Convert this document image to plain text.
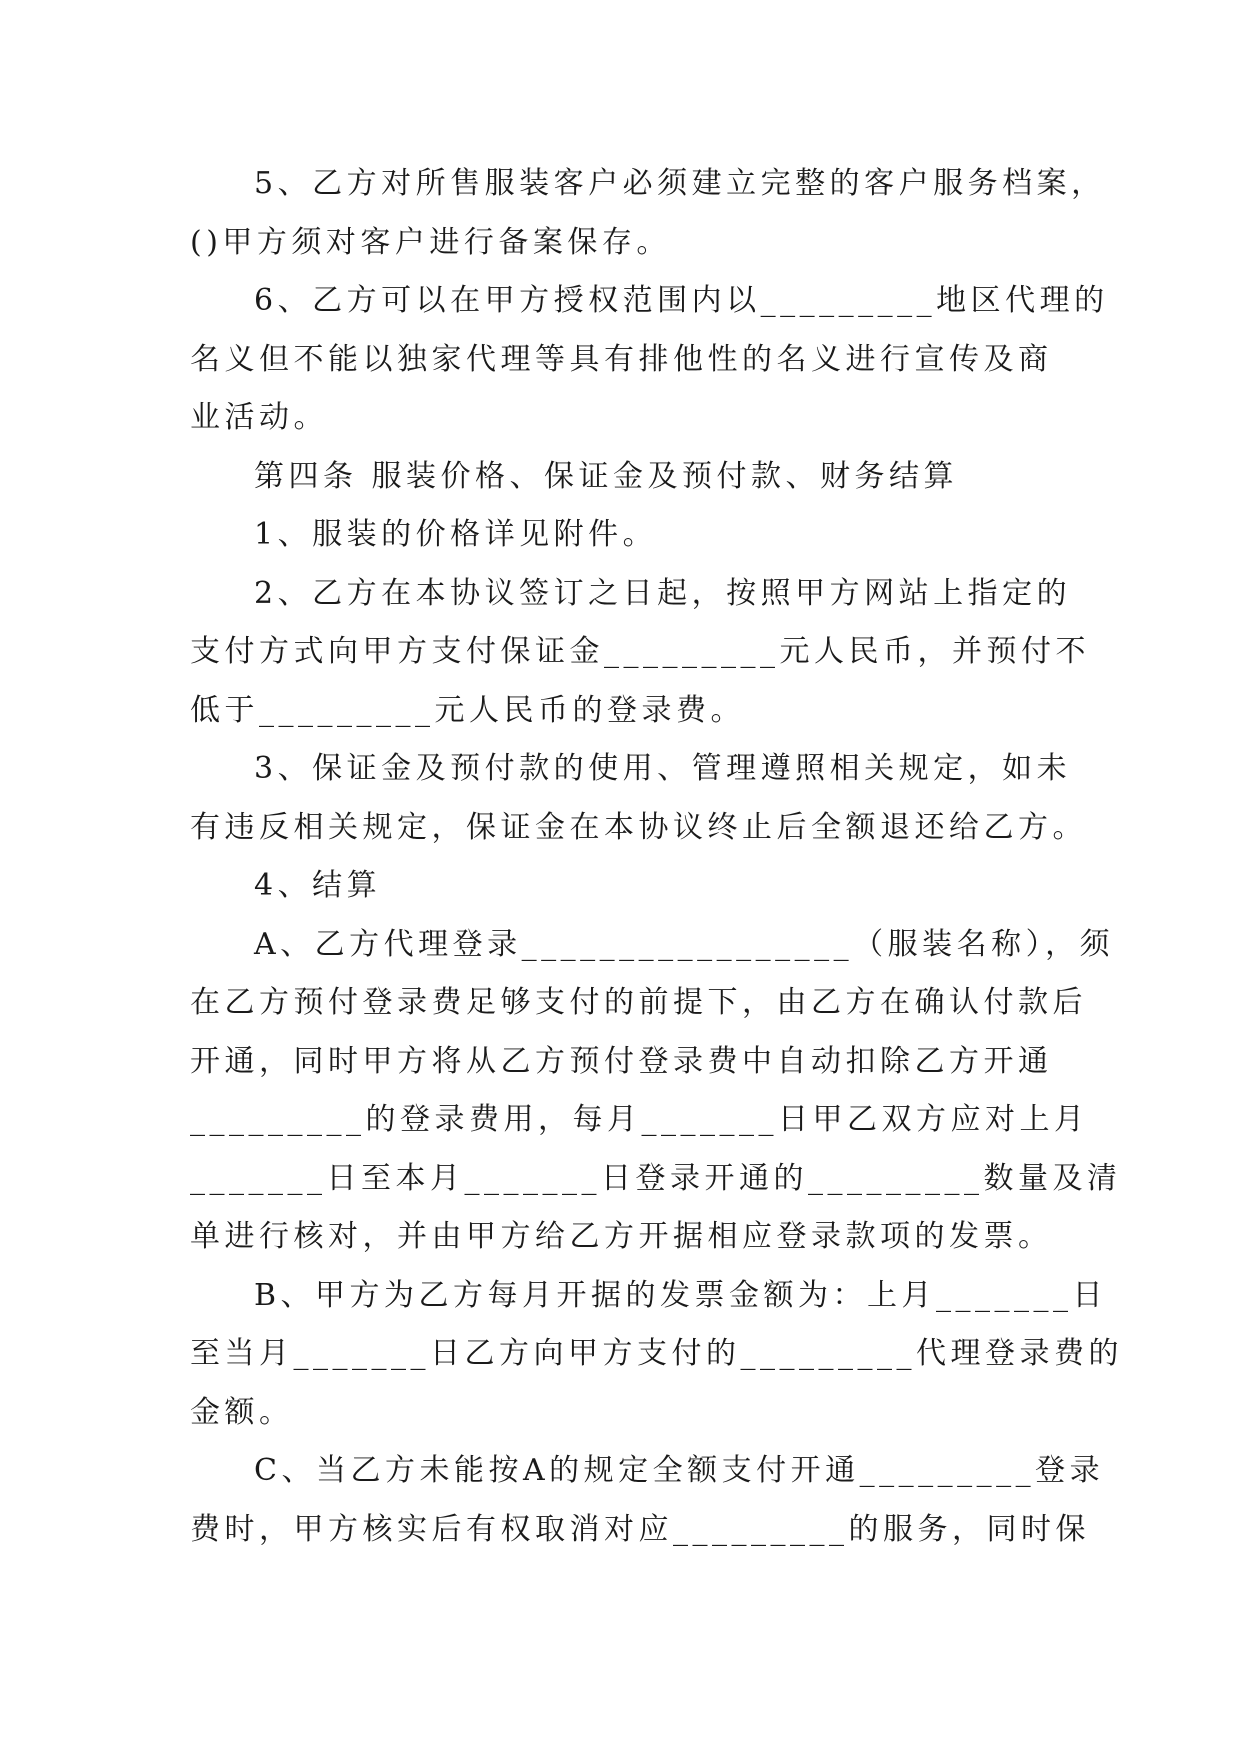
5、乙方对所售服装客户必须建立完整的客户服务档案，
()甲方须对客户进行备案保存。
6、乙方可以在甲方授权范围内以_________地区代理的
名义但不能以独家代理等具有排他性的名义进行宣传及商
业活动。
第四条 服装价格、保证金及预付款、财务结算
1、服装的价格详见附件。
2、乙方在本协议签订之日起，按照甲方网站上指定的
支付方式向甲方支付保证金_________元人民币，并预付不
低于_________元人民币的登录费。
3、保证金及预付款的使用、管理遵照相关规定，如未
有违反相关规定，保证金在本协议终止后全额退还给乙方。
4、结算
A、乙方代理登录_________________（服装名称），须
在乙方预付登录费足够支付的前提下，由乙方在确认付款后
开通，同时甲方将从乙方预付登录费中自动扣除乙方开通
_________的登录费用，每月_______日甲乙双方应对上月
_______日至本月_______日登录开通的_________数量及清
单进行核对，并由甲方给乙方开据相应登录款项的发票。
B、甲方为乙方每月开据的发票金额为：上月_______日
至当月_______日乙方向甲方支付的_________代理登录费的
金额。
C、当乙方未能按A的规定全额支付开通_________登录
费时，甲方核实后有权取消对应_________的服务，同时保
